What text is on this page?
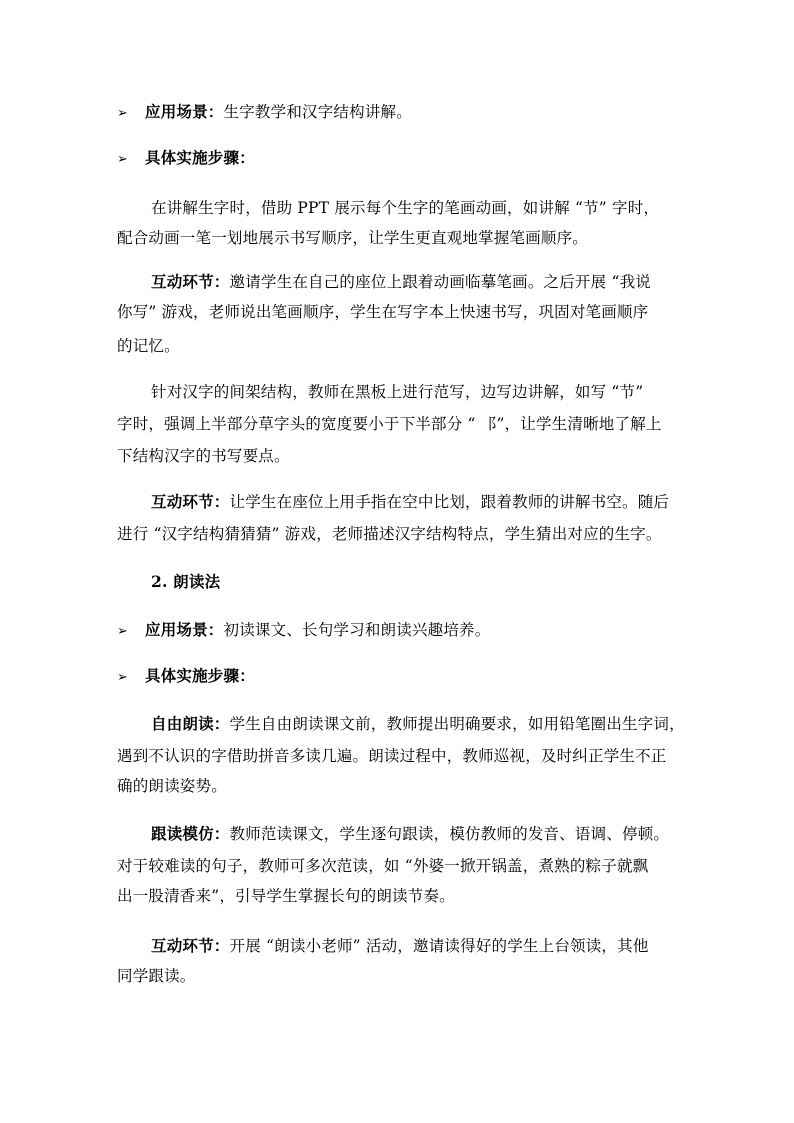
➢ 应用场景：生字教学和汉字结构讲解。
➢ 具体实施步骤：
在讲解生字时，借助 PPT 展示每个生字的笔画动画，如讲解 “节” 字时，
配合动画一笔一划地展示书写顺序，让学生更直观地掌握笔画顺序。
互动环节：邀请学生在自己的座位上跟着动画临摹笔画。之后开展 “我说
你写” 游戏，老师说出笔画顺序，学生在写字本上快速书写，巩固对笔画顺序
的记忆。
针对汉字的间架结构，教师在黑板上进行范写，边写边讲解，如写 “节”
字时，强调上半部分草字头的宽度要小于下半部分 “ ⻏”，让学生清晰地了解上
下结构汉字的书写要点。
互动环节：让学生在座位上用手指在空中比划，跟着教师的讲解书空。随后
进行 “汉字结构猜猜猜” 游戏，老师描述汉字结构特点，学生猜出对应的生字。
2. 朗读法
➢ 应用场景：初读课文、长句学习和朗读兴趣培养。
➢ 具体实施步骤：
自由朗读：学生自由朗读课文前，教师提出明确要求，如用铅笔圈出生字词，
遇到不认识的字借助拼音多读几遍。朗读过程中，教师巡视，及时纠正学生不正
确的朗读姿势。
跟读模仿：教师范读课文，学生逐句跟读，模仿教师的发音、语调、停顿。
对于较难读的句子，教师可多次范读，如 “外婆一掀开锅盖，煮熟的粽子就飘
出一股清香来”，引导学生掌握长句的朗读节奏。
互动环节：开展 “朗读小老师” 活动，邀请读得好的学生上台领读，其他
同学跟读。
